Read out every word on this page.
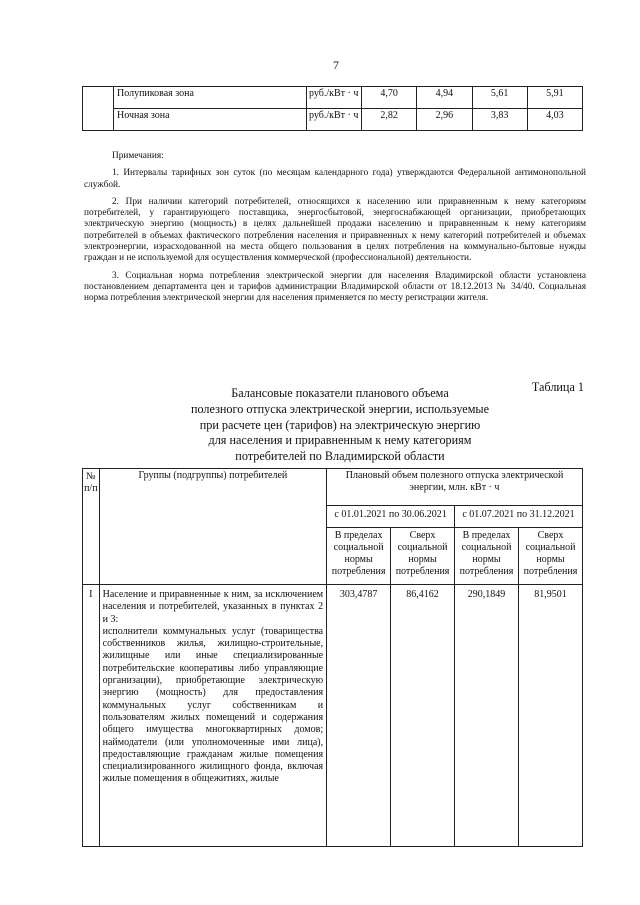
7
	Полупиковая зона	руб./кВт · ч	4,70	4,94	5,61	5,91
	Ночная зона	руб./кВт · ч	2,82	2,96	3,83	4,03

Примечания:

1. Интервалы тарифных зон суток (по месяцам календарного года) утверждаются Федеральной антимонопольной службой.

2. При наличии категорий потребителей, относящихся к населению или приравненным к нему категориям потребителей, у гарантирующего поставщика, энергосбытовой, энергоснабжающей организации, приобретающих электрическую энергию (мощность) в целях дальнейшей продажи населению и приравненным к нему категориям потребителей в объемах фактического потребления населения и приравненных к нему категорий потребителей и объемах электроэнергии, израсходованной на места общего пользования в целях потребления на коммунально-бытовые нужды граждан и не используемой для осуществления коммерческой (профессиональной) деятельности.

3. Социальная норма потребления электрической энергии для населения Владимирской области установлена постановлением департамента цен и тарифов администрации Владимирской области от 18.12.2013 № 34/40. Социальная норма потребления электрической энергии для населения применяется по месту регистрации жителя.

Таблица 1
Балансовые показатели планового объема
полезного отпуска электрической энергии, используемые
при расчете цен (тарифов) на электрическую энергию
для населения и приравненным к нему категориям
потребителей по Владимирской области
№ п/п	Группы (подгруппы) потребителей	Плановый объем полезного отпуска электрической энергии, млн. кВт · ч			
		с 01.01.2021 по 30.06.2021		с 01.07.2021 по 31.12.2021	
		В пределах социальной нормы потребления	Сверх социальной нормы потребления	В пределах социальной нормы потребления	Сверх социальной нормы потребления
I	Население и приравненные к ним, за исключением населения и потребителей, указанных в пунктах 2 и 3:
исполнители коммунальных услуг (товарищества собственников жилья, жилищно-строительные, жилищные или иные специализированные потребительские кооперативы либо управляющие организации), приобретающие электрическую энергию (мощность) для предоставления коммунальных услуг собственникам и пользователям жилых помещений и содержания общего имущества многоквартирных домов; наймодатели (или уполномоченные ими лица), предоставляющие гражданам жилые помещения специализированного жилищного фонда, включая жилые помещения в общежитиях, жилые	303,4787	86,4162	290,1849	81,9501
